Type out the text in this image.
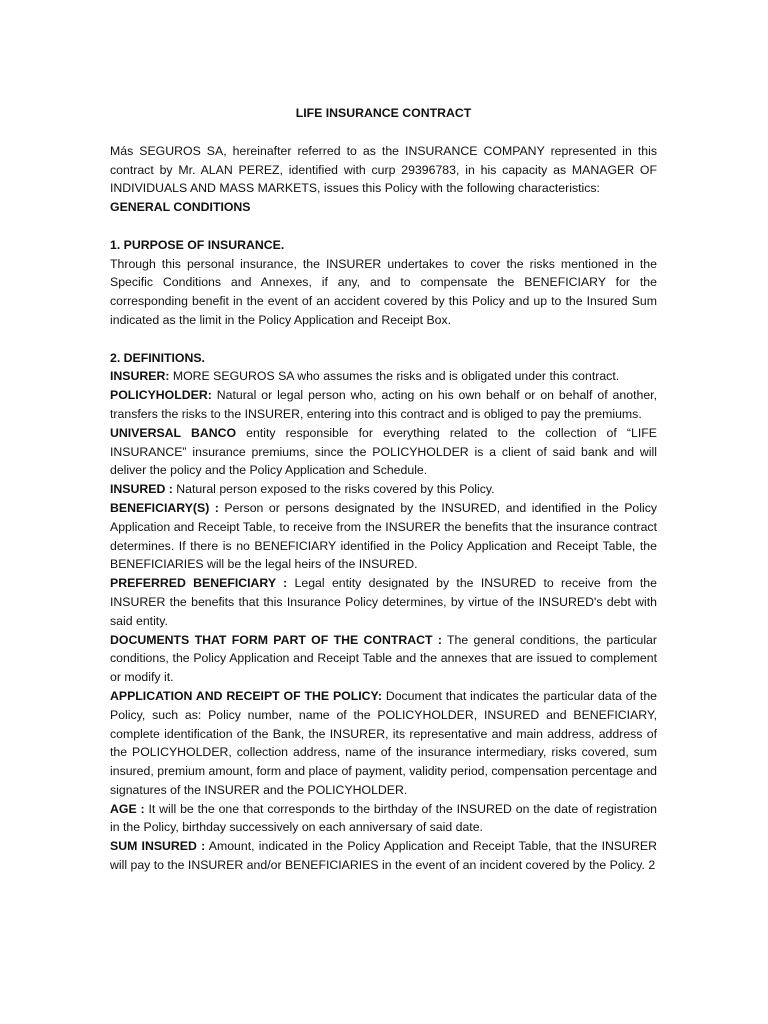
LIFE INSURANCE CONTRACT

Más SEGUROS SA, hereinafter referred to as the INSURANCE COMPANY represented in this contract by Mr. ALAN PEREZ, identified with curp 29396783, in his capacity as MANAGER OF INDIVIDUALS AND MASS MARKETS, issues this Policy with the following characteristics:

GENERAL CONDITIONS

1. PURPOSE OF INSURANCE.

Through this personal insurance, the INSURER undertakes to cover the risks mentioned in the Specific Conditions and Annexes, if any, and to compensate the BENEFICIARY for the corresponding benefit in the event of an accident covered by this Policy and up to the Insured Sum indicated as the limit in the Policy Application and Receipt Box.

2. DEFINITIONS.

INSURER: MORE SEGUROS SA who assumes the risks and is obligated under this contract.

POLICYHOLDER: Natural or legal person who, acting on his own behalf or on behalf of another, transfers the risks to the INSURER, entering into this contract and is obliged to pay the premiums.

UNIVERSAL BANCO entity responsible for everything related to the collection of “LIFE INSURANCE” insurance premiums, since the POLICYHOLDER is a client of said bank and will deliver the policy and the Policy Application and Schedule.

INSURED : Natural person exposed to the risks covered by this Policy.

BENEFICIARY(S) : Person or persons designated by the INSURED, and identified in the Policy Application and Receipt Table, to receive from the INSURER the benefits that the insurance contract determines. If there is no BENEFICIARY identified in the Policy Application and Receipt Table, the BENEFICIARIES will be the legal heirs of the INSURED.

PREFERRED BENEFICIARY : Legal entity designated by the INSURED to receive from the INSURER the benefits that this Insurance Policy determines, by virtue of the INSURED's debt with said entity.

DOCUMENTS THAT FORM PART OF THE CONTRACT : The general conditions, the particular conditions, the Policy Application and Receipt Table and the annexes that are issued to complement or modify it.

APPLICATION AND RECEIPT OF THE POLICY: Document that indicates the particular data of the Policy, such as: Policy number, name of the POLICYHOLDER, INSURED and BENEFICIARY, complete identification of the Bank, the INSURER, its representative and main address, address of the POLICYHOLDER, collection address, name of the insurance intermediary, risks covered, sum insured, premium amount, form and place of payment, validity period, compensation percentage and signatures of the INSURER and the POLICYHOLDER.

AGE : It will be the one that corresponds to the birthday of the INSURED on the date of registration in the Policy, birthday successively on each anniversary of said date.

SUM INSURED : Amount, indicated in the Policy Application and Receipt Table, that the INSURER will pay to the INSURER and/or BENEFICIARIES in the event of an incident covered by the Policy. 2
